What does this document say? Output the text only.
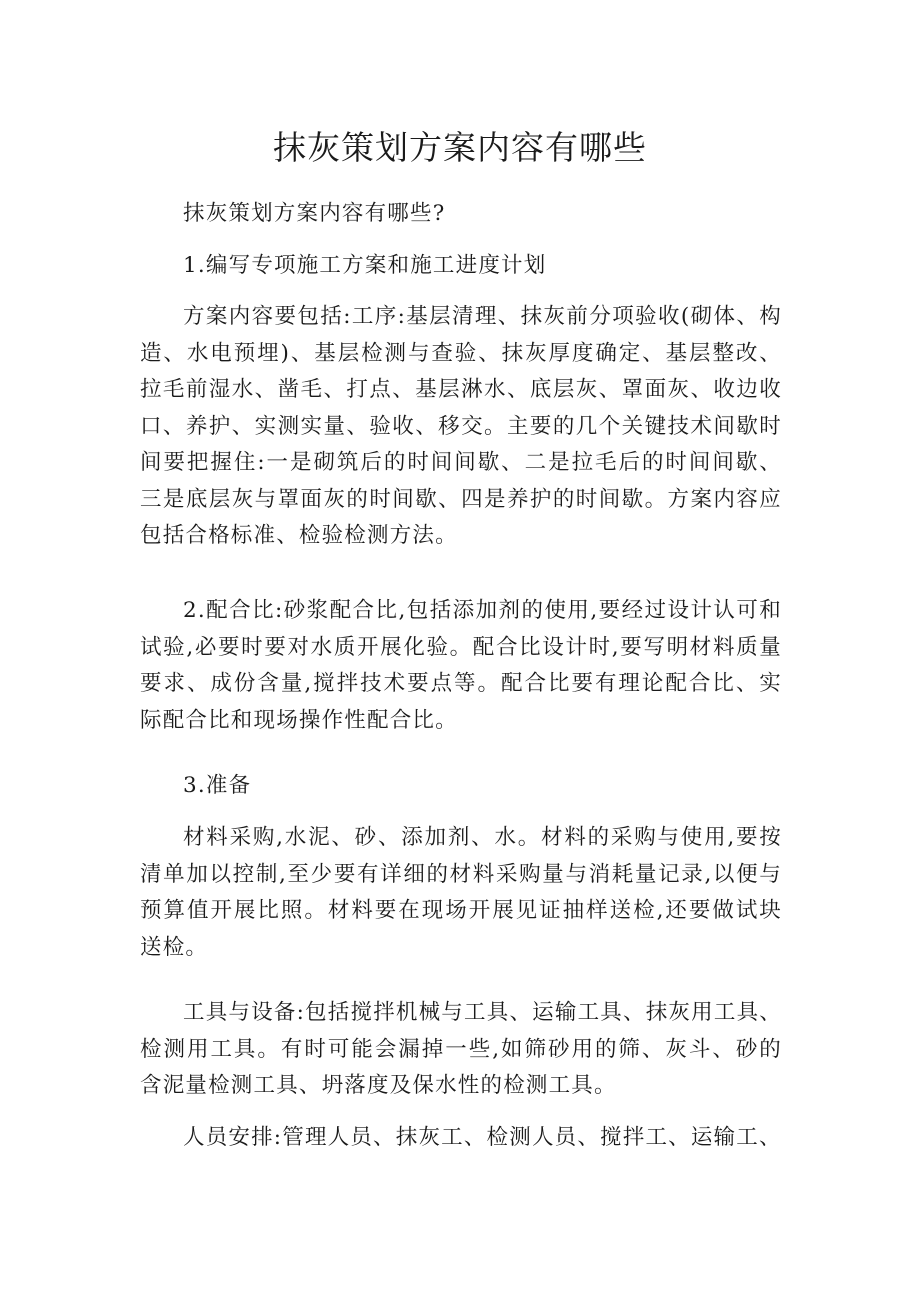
抹灰策划方案内容有哪些

抹灰策划方案内容有哪些?

1.编写专项施工方案和施工进度计划

方案内容要包括:工序:基层清理、抹灰前分项验收(砌体、构造、水电预埋)、基层检测与查验、抹灰厚度确定、基层整改、拉毛前湿水、凿毛、打点、基层淋水、底层灰、罩面灰、收边收口、养护、实测实量、验收、移交。主要的几个关键技术间歇时间要把握住:一是砌筑后的时间间歇、二是拉毛后的时间间歇、三是底层灰与罩面灰的时间歇、四是养护的时间歇。方案内容应包括合格标准、检验检测方法。

2.配合比:砂浆配合比,包括添加剂的使用,要经过设计认可和试验,必要时要对水质开展化验。配合比设计时,要写明材料质量要求、成份含量,搅拌技术要点等。配合比要有理论配合比、实际配合比和现场操作性配合比。

3.准备

材料采购,水泥、砂、添加剂、水。材料的采购与使用,要按清单加以控制,至少要有详细的材料采购量与消耗量记录,以便与预算值开展比照。材料要在现场开展见证抽样送检,还要做试块送检。

工具与设备:包括搅拌机械与工具、运输工具、抹灰用工具、检测用工具。有时可能会漏掉一些,如筛砂用的筛、灰斗、砂的含泥量检测工具、坍落度及保水性的检测工具。

人员安排:管理人员、抹灰工、检测人员、搅拌工、运输工、
